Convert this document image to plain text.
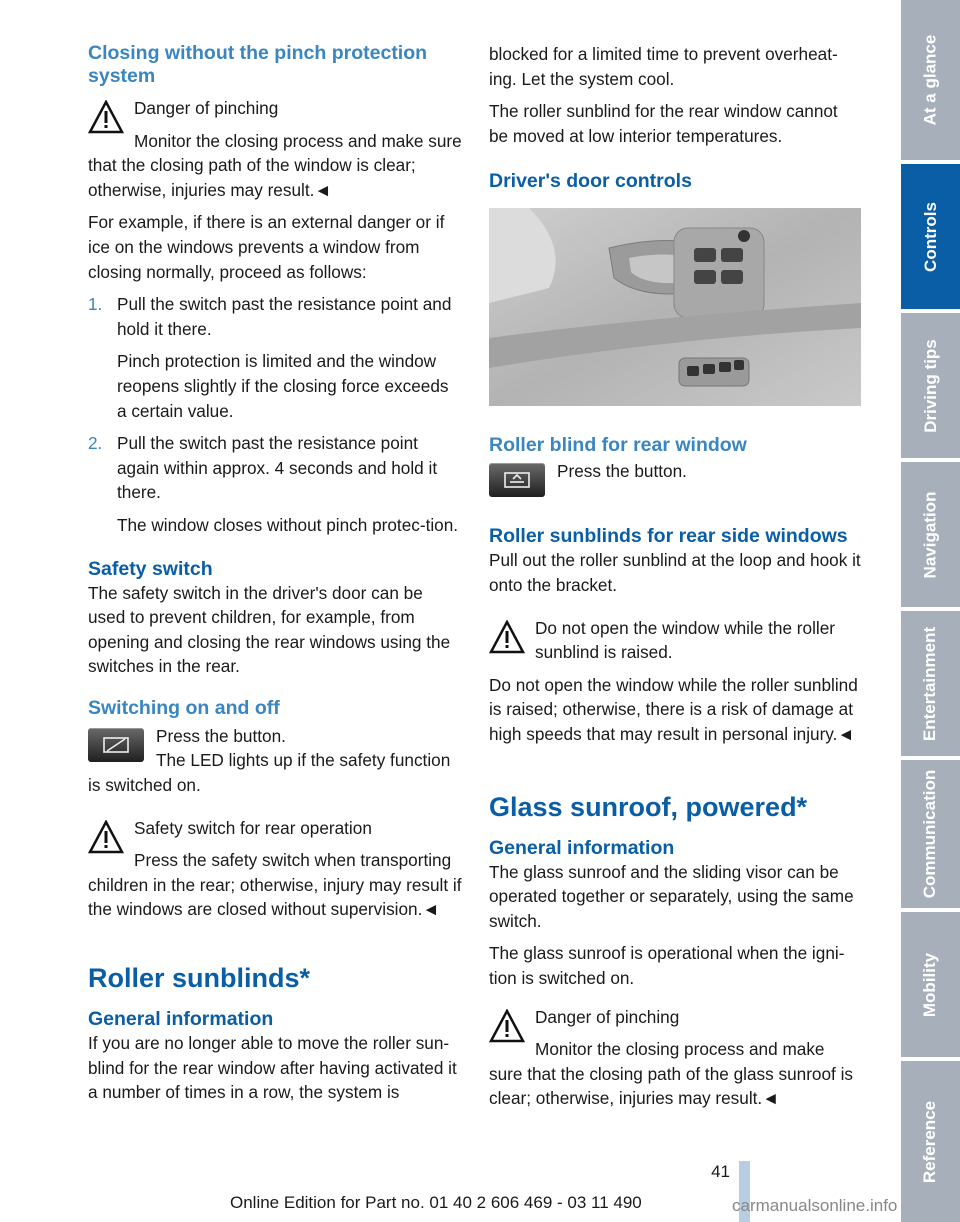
Closing without the pinch protection system

Danger of pinching

Monitor the closing process and make sure that the closing path of the window is clear; otherwise, injuries may result.◄

For example, if there is an external danger or if ice on the windows prevents a window from closing normally, proceed as follows:

1. Pull the switch past the resistance point and hold it there.
Pinch protection is limited and the window reopens slightly if the closing force exceeds a certain value.
2. Pull the switch past the resistance point again within approx. 4 seconds and hold it there.
The window closes without pinch protec‐tion.
Safety switch

The safety switch in the driver's door can be used to prevent children, for example, from opening and closing the rear windows using the switches in the rear.

Switching on and off

Press the button.

The LED lights up if the safety function is switched on.

Safety switch for rear operation

Press the safety switch when transporting children in the rear; otherwise, injury may result if the windows are closed without supervision.◄

Roller sunblinds*
General information

If you are no longer able to move the roller sun‐blind for the rear window after having activated it a number of times in a row, the system is

blocked for a limited time to prevent overheat‐ing. Let the system cool.

The roller sunblind for the rear window cannot be moved at low interior temperatures.

Driver's door controls
Roller blind for rear window

Press the button.

Roller sunblinds for rear side windows

Pull out the roller sunblind at the loop and hook it onto the bracket.

Do not open the window while the roller sunblind is raised.

Do not open the window while the roller sunblind is raised; otherwise, there is a risk of damage at high speeds that may result in personal injury.◄

Glass sunroof, powered*
General information

The glass sunroof and the sliding visor can be operated together or separately, using the same switch.

The glass sunroof is operational when the igni‐tion is switched on.

Danger of pinching

Monitor the closing process and make sure that the closing path of the glass sunroof is clear; otherwise, injuries may result.◄

At a glance
Controls
Driving tips
Navigation
Entertainment
Communication
Mobility
Reference
41
Online Edition for Part no. 01 40 2 606 469 - 03 11 490	carmanualsonline.info
